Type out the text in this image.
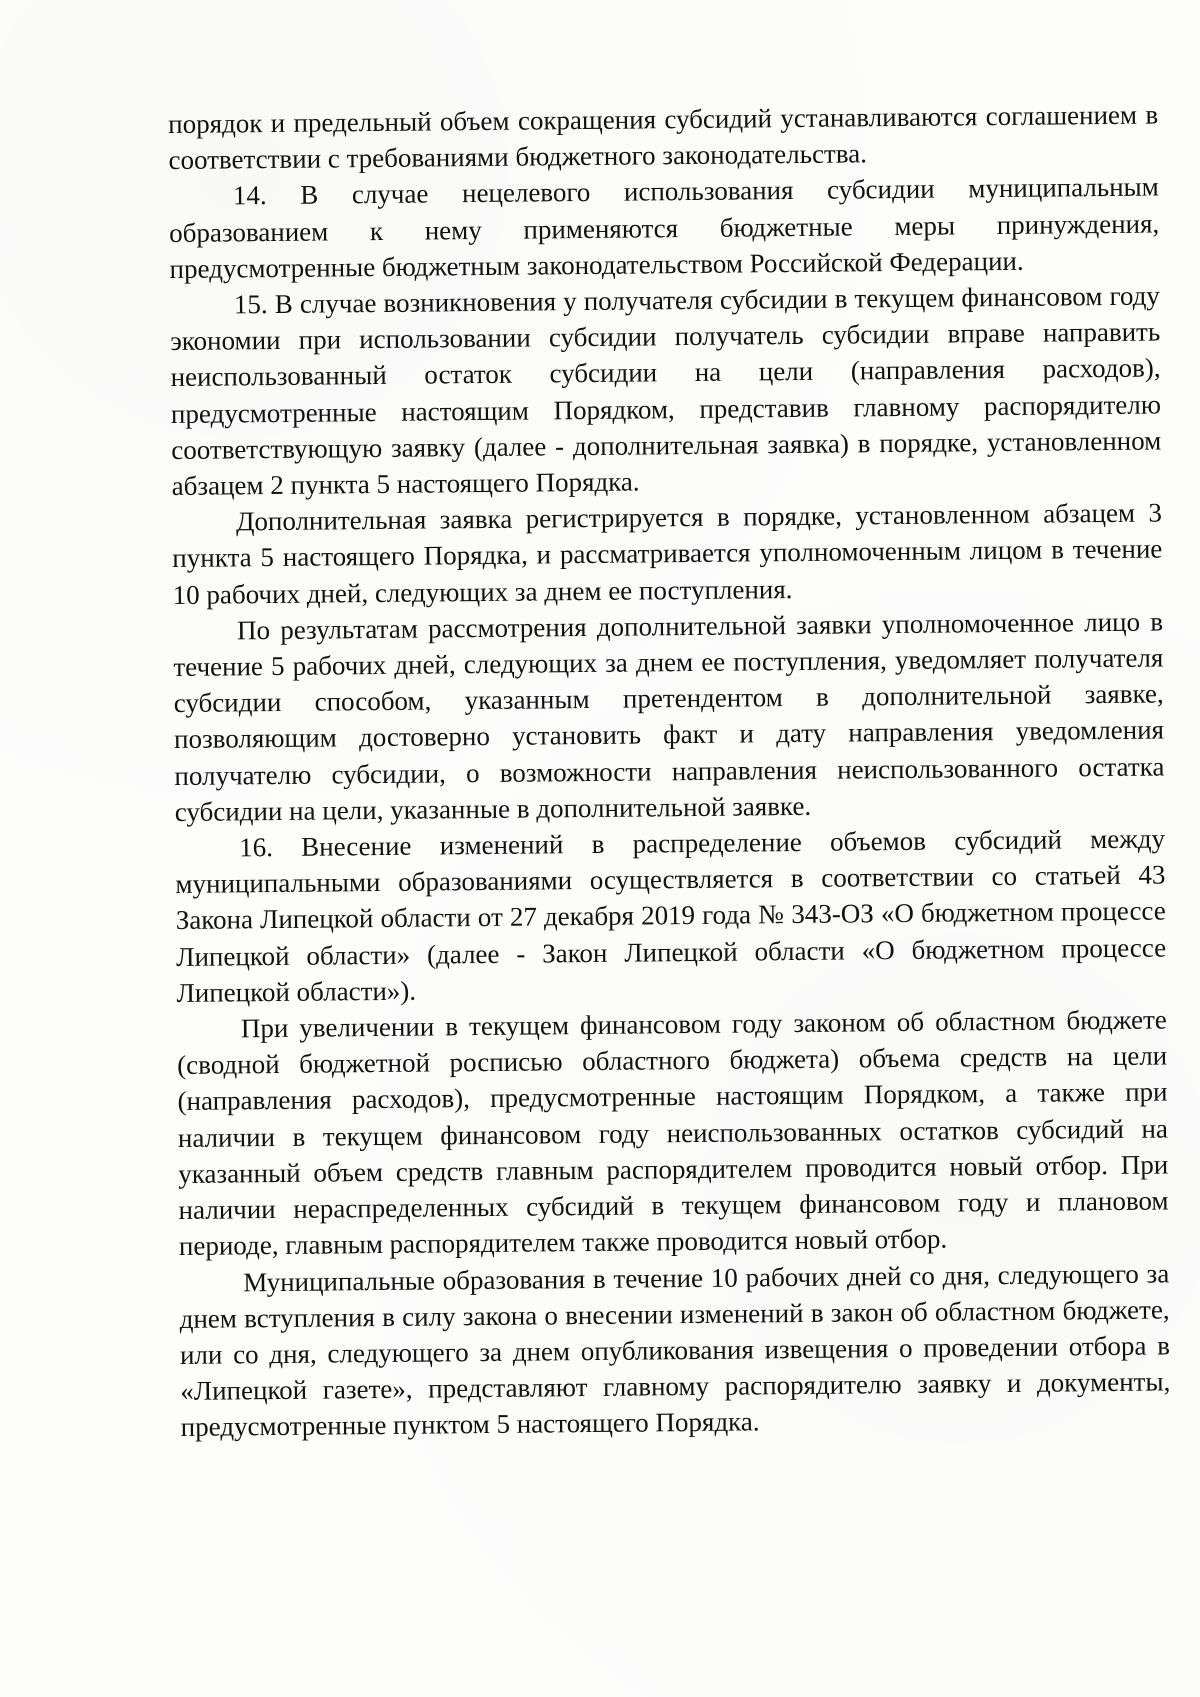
порядок и предельный объем сокращения субсидий устанавливаются соглашением в соответствии с требованиями бюджетного законодательства.

14. В случае нецелевого использования субсидии муниципальным образованием к нему применяются бюджетные меры принуждения, предусмотренные бюджетным законодательством Российской Федерации.

15. В случае возникновения у получателя субсидии в текущем финансовом году экономии при использовании субсидии получатель субсидии вправе направить неиспользованный остаток субсидии на цели (направления расходов), предусмотренные настоящим Порядком, представив главному распорядителю соответствующую заявку (далее - дополнительная заявка) в порядке, установленном абзацем 2 пункта 5 настоящего Порядка.

Дополнительная заявка регистрируется в порядке, установленном абзацем 3 пункта 5 настоящего Порядка, и рассматривается уполномоченным лицом в течение 10 рабочих дней, следующих за днем ее поступления.

По результатам рассмотрения дополнительной заявки уполномоченное лицо в течение 5 рабочих дней, следующих за днем ее поступления, уведомляет получателя субсидии способом, указанным претендентом в дополнительной заявке, позволяющим достоверно установить факт и дату направления уведомления получателю субсидии, о возможности направления неиспользованного остатка субсидии на цели, указанные в дополнительной заявке.

16. Внесение изменений в распределение объемов субсидий между муниципальными образованиями осуществляется в соответствии со статьей 43 Закона Липецкой области от 27 декабря 2019 года № 343-ОЗ «О бюджетном процессе Липецкой области» (далее - Закон Липецкой области «О бюджетном процессе Липецкой области»).

При увеличении в текущем финансовом году законом об областном бюджете (сводной бюджетной росписью областного бюджета) объема средств на цели (направления расходов), предусмотренные настоящим Порядком, а также при наличии в текущем финансовом году неиспользованных остатков субсидий на указанный объем средств главным распорядителем проводится новый отбор. При наличии нераспределенных субсидий в текущем финансовом году и плановом периоде, главным распорядителем также проводится новый отбор.

Муниципальные образования в течение 10 рабочих дней со дня, следующего за днем вступления в силу закона о внесении изменений в закон об областном бюджете, или со дня, следующего за днем опубликования извещения о проведении отбора в «Липецкой газете», представляют главному распорядителю заявку и документы, предусмотренные пунктом 5 настоящего Порядка.
